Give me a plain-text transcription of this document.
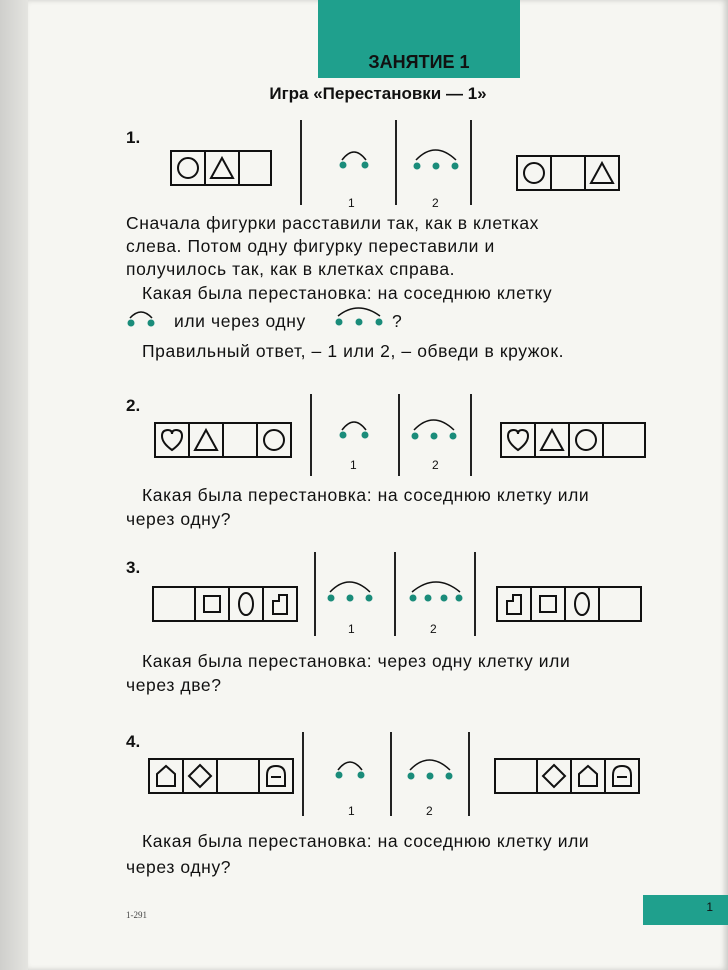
ЗАНЯТИЕ 1
Игра «Перестановки — 1»
1.
1	2
Сначала фигурки расставили так, как в клетках
слева. Потом одну фигурку переставили и
получилось так, как в клетках справа.
Какая была перестановка: на соседнюю клетку
или через одну	?
Правильный ответ, – 1 или 2, – обведи в кружок.
2.
1	2
Какая была перестановка: на соседнюю клетку или
через одну?
3.
1	2
Какая была перестановка: через одну клетку или
через две?
4.
1	2
Какая была перестановка: на соседнюю клетку или
через одну?
1-291
1
